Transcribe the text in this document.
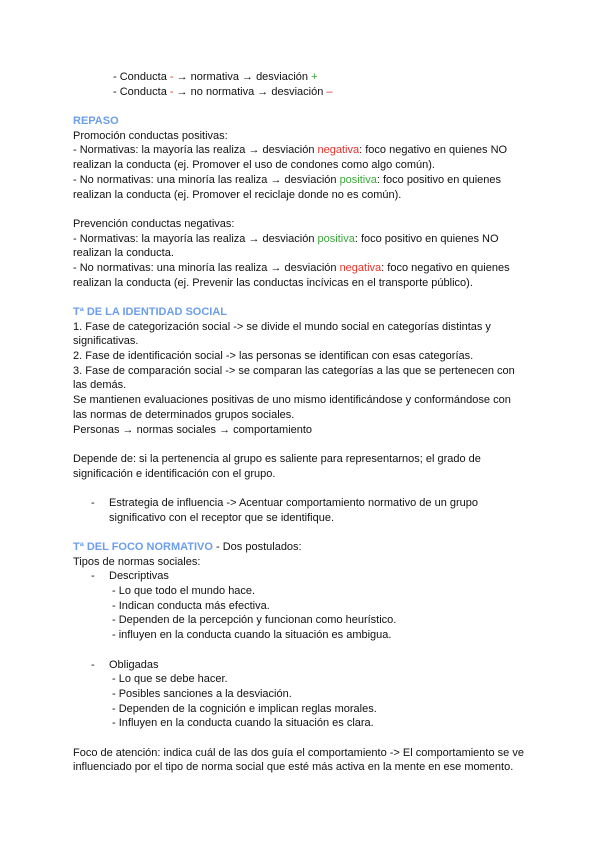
- Conducta - → normativa → desviación +
- Conducta - → no normativa → desviación –
REPASO
Promoción conductas positivas:
- Normativas: la mayoría las realiza → desviación negativa: foco negativo en quienes NO
realizan la conducta (ej. Promover el uso de condones como algo común).
- No normativas: una minoría las realiza → desviación positiva: foco positivo en quienes
realizan la conducta (ej. Promover el reciclaje donde no es común).
Prevención conductas negativas:
- Normativas: la mayoría las realiza → desviación positiva: foco positivo en quienes NO
realizan la conducta.
- No normativas: una minoría las realiza → desviación negativa: foco negativo en quienes
realizan la conducta (ej. Prevenir las conductas incívicas en el transporte público).
Tª DE LA IDENTIDAD SOCIAL
1. Fase de categorización social -> se divide el mundo social en categorías distintas y
significativas.
2. Fase de identificación social -> las personas se identifican con esas categorías.
3. Fase de comparación social -> se comparan las categorías a las que se pertenecen con
las demás.
Se mantienen evaluaciones positivas de uno mismo identificándose y conformándose con
las normas de determinados grupos sociales.
Personas → normas sociales → comportamiento
Depende de: si la pertenencia al grupo es saliente para representarnos; el grado de
significación e identificación con el grupo.
- Estrategia de influencia -> Acentuar comportamiento normativo de un grupo
significativo con el receptor que se identifique.
Tª DEL FOCO NORMATIVO - Dos postulados:
Tipos de normas sociales:
- Descriptivas
- Lo que todo el mundo hace.
- Indican conducta más efectiva.
- Dependen de la percepción y funcionan como heurístico.
- influyen en la conducta cuando la situación es ambigua.
- Obligadas
- Lo que se debe hacer.
- Posibles sanciones a la desviación.
- Dependen de la cognición e implican reglas morales.
- Influyen en la conducta cuando la situación es clara.
Foco de atención: indica cuál de las dos guía el comportamiento -> El comportamiento se ve
influenciado por el tipo de norma social que esté más activa en la mente en ese momento.
